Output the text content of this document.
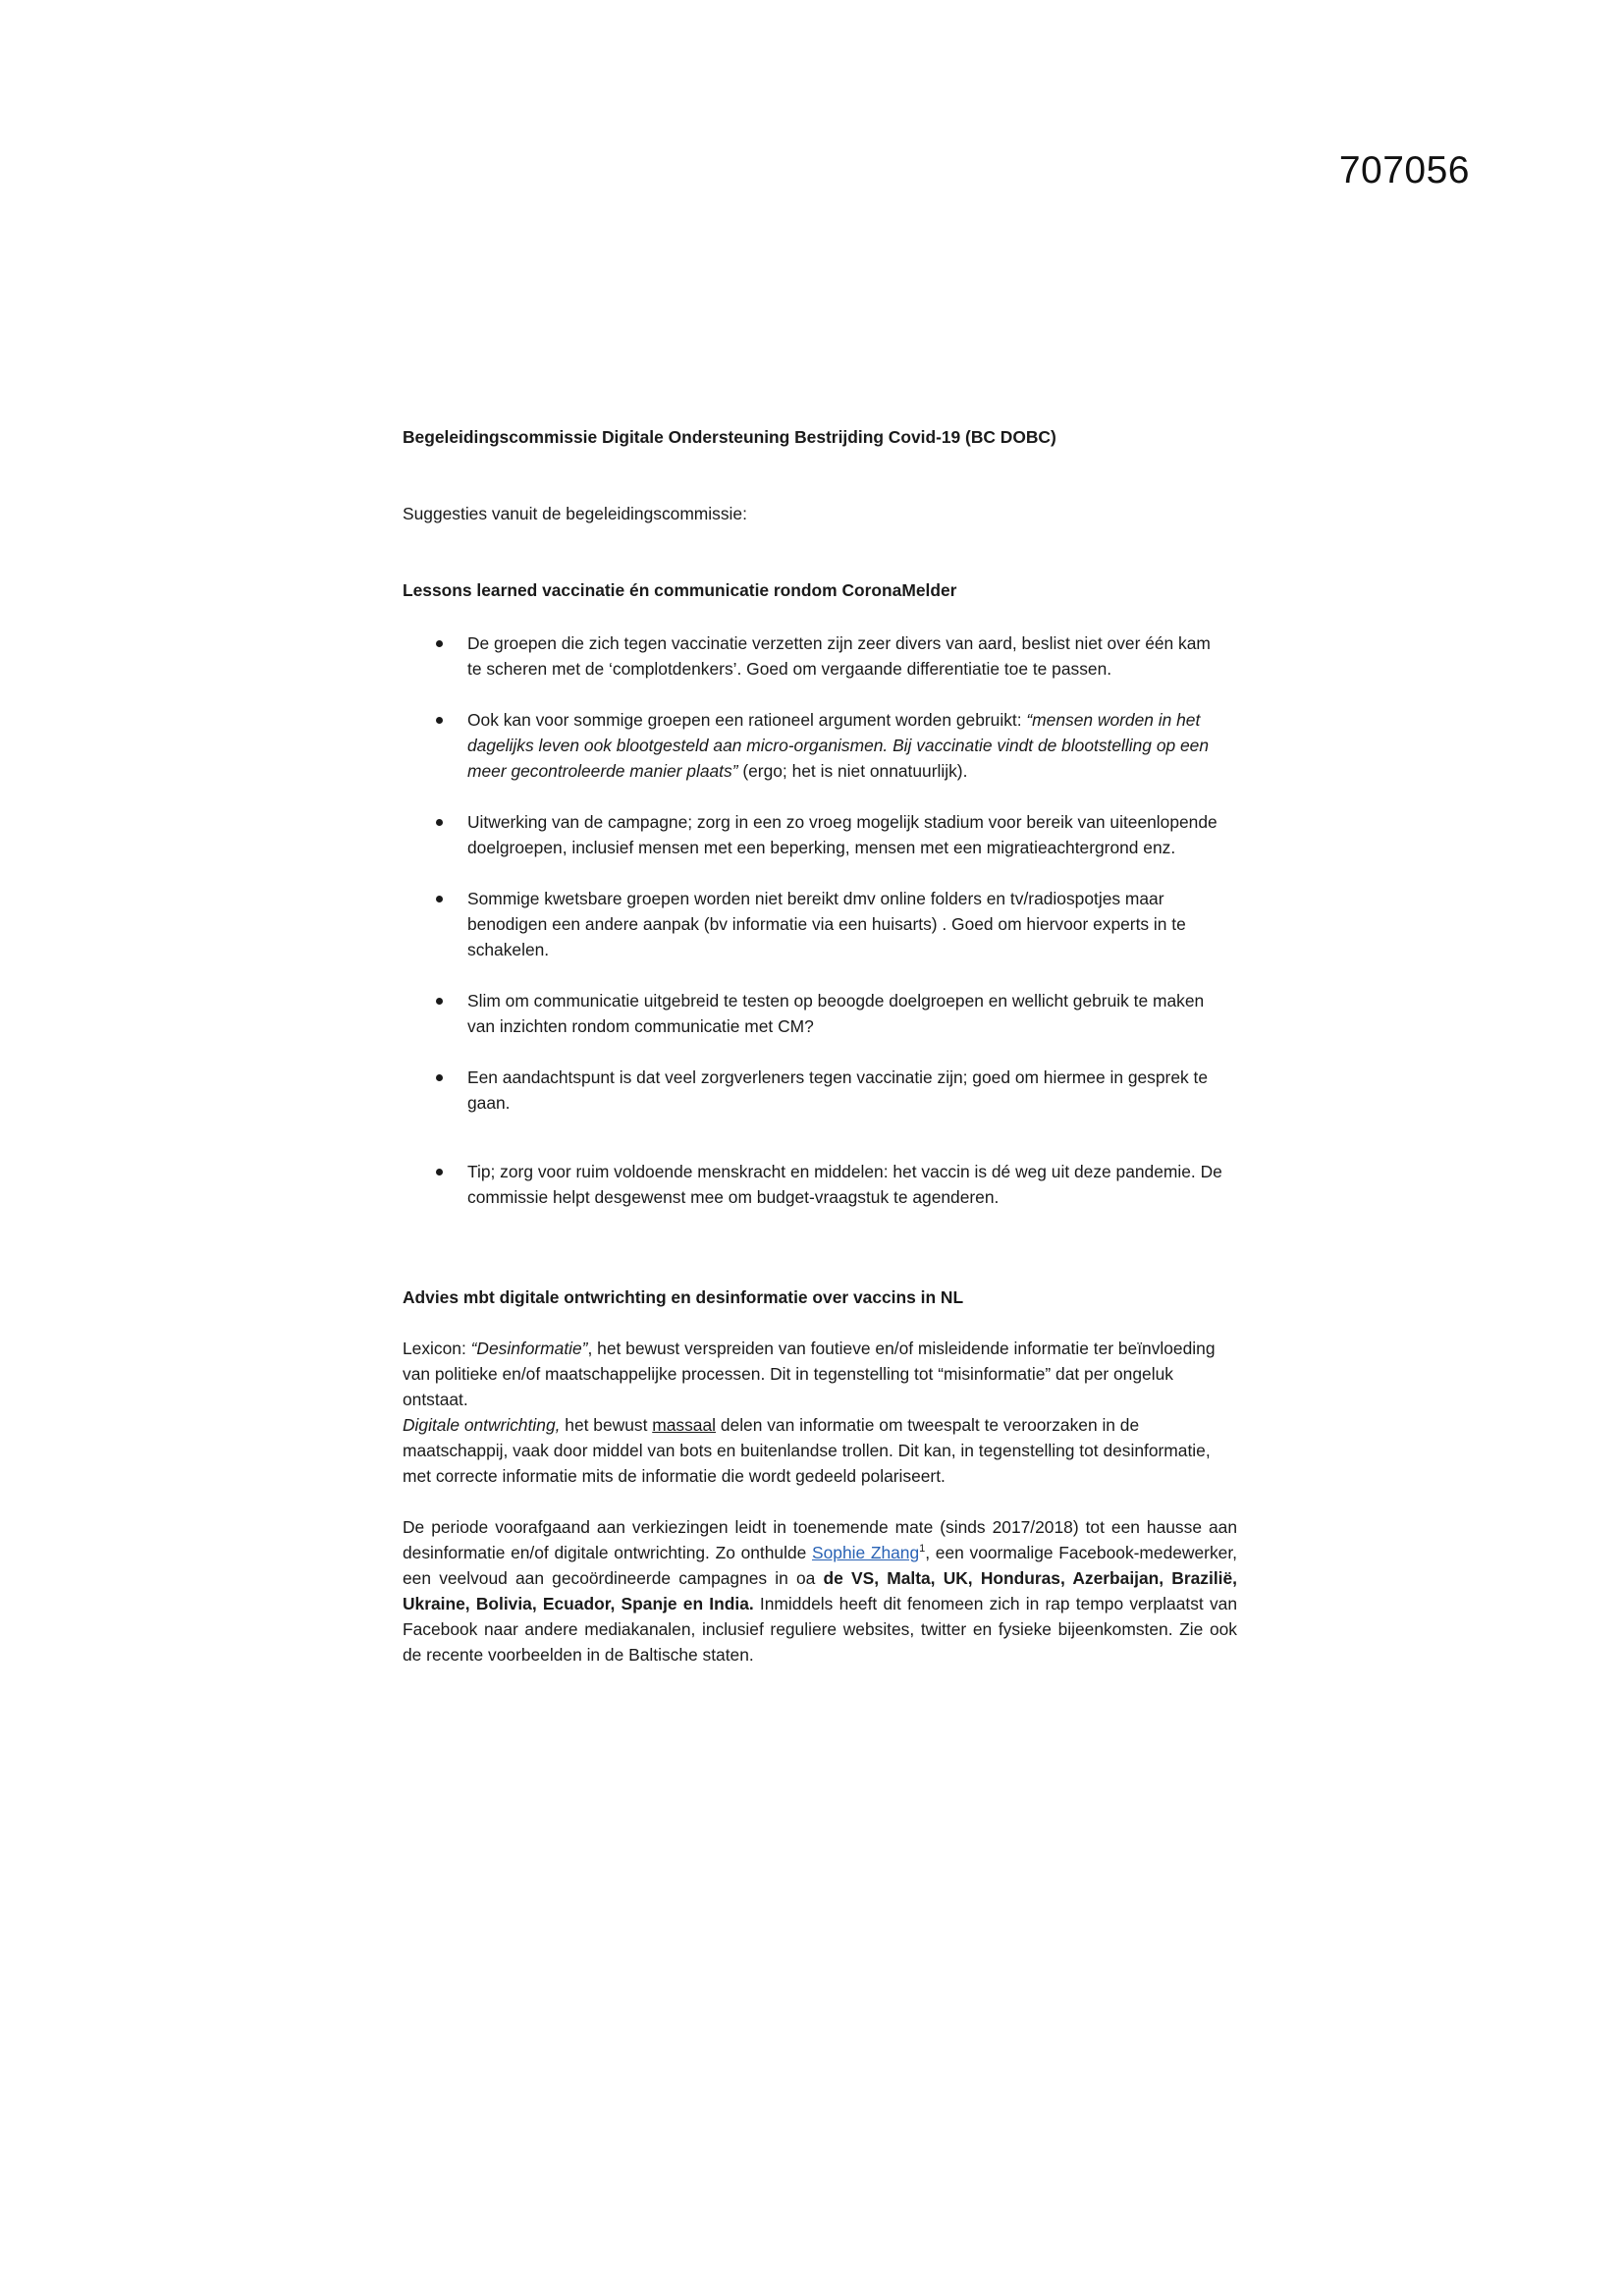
707056

Begeleidingscommissie Digitale Ondersteuning Bestrijding Covid-19 (BC DOBC)

Suggesties vanuit de begeleidingscommissie:

Lessons learned vaccinatie én communicatie rondom CoronaMelder

De groepen die zich tegen vaccinatie verzetten zijn zeer divers van aard, beslist niet over één kam te scheren met de ‘complotdenkers’. Goed om vergaande differentiatie toe te passen.
Ook kan voor sommige groepen een rationeel argument worden gebruikt: “mensen worden in het dagelijks leven ook blootgesteld aan micro-organismen. Bij vaccinatie vindt de blootstelling op een meer gecontroleerde manier plaats” (ergo; het is niet onnatuurlijk).
Uitwerking van de campagne; zorg in een zo vroeg mogelijk stadium voor bereik van uiteenlopende doelgroepen, inclusief mensen met een beperking, mensen met een migratieachtergrond enz.
Sommige kwetsbare groepen worden niet bereikt dmv online folders en tv/radiospotjes maar benodigen een andere aanpak (bv informatie via een huisarts) . Goed om hiervoor experts in te schakelen.
Slim om communicatie uitgebreid te testen op beoogde doelgroepen en wellicht gebruik te maken van inzichten rondom communicatie met CM?
Een aandachtspunt is dat veel zorgverleners tegen vaccinatie zijn; goed om hiermee in gesprek te gaan.
Tip; zorg voor ruim voldoende menskracht en middelen: het vaccin is dé weg uit deze pandemie. De commissie helpt desgewenst mee om budget-vraagstuk te agenderen.

Advies mbt digitale ontwrichting en desinformatie over vaccins in NL

Lexicon: “Desinformatie”, het bewust verspreiden van foutieve en/of misleidende informatie ter beïnvloeding van politieke en/of maatschappelijke processen. Dit in tegenstelling tot “misinformatie” dat per ongeluk ontstaat.
Digitale ontwrichting, het bewust massaal delen van informatie om tweespalt te veroorzaken in de maatschappij, vaak door middel van bots en buitenlandse trollen. Dit kan, in tegenstelling tot desinformatie, met correcte informatie mits de informatie die wordt gedeeld polariseert.

De periode voorafgaand aan verkiezingen leidt in toenemende mate (sinds 2017/2018) tot een hausse aan desinformatie en/of digitale ontwrichting. Zo onthulde Sophie Zhang$^1$, een voormalige Facebook-medewerker, een veelvoud aan gecoördineerde campagnes in oa de VS, Malta, UK, Honduras, Azerbaijan, Brazilië, Ukraine, Bolivia, Ecuador, Spanje en India. Inmiddels heeft dit fenomeen zich in rap tempo verplaatst van Facebook naar andere mediakanalen, inclusief reguliere websites, twitter en fysieke bijeenkomsten. Zie ook de recente voorbeelden in de Baltische staten.
